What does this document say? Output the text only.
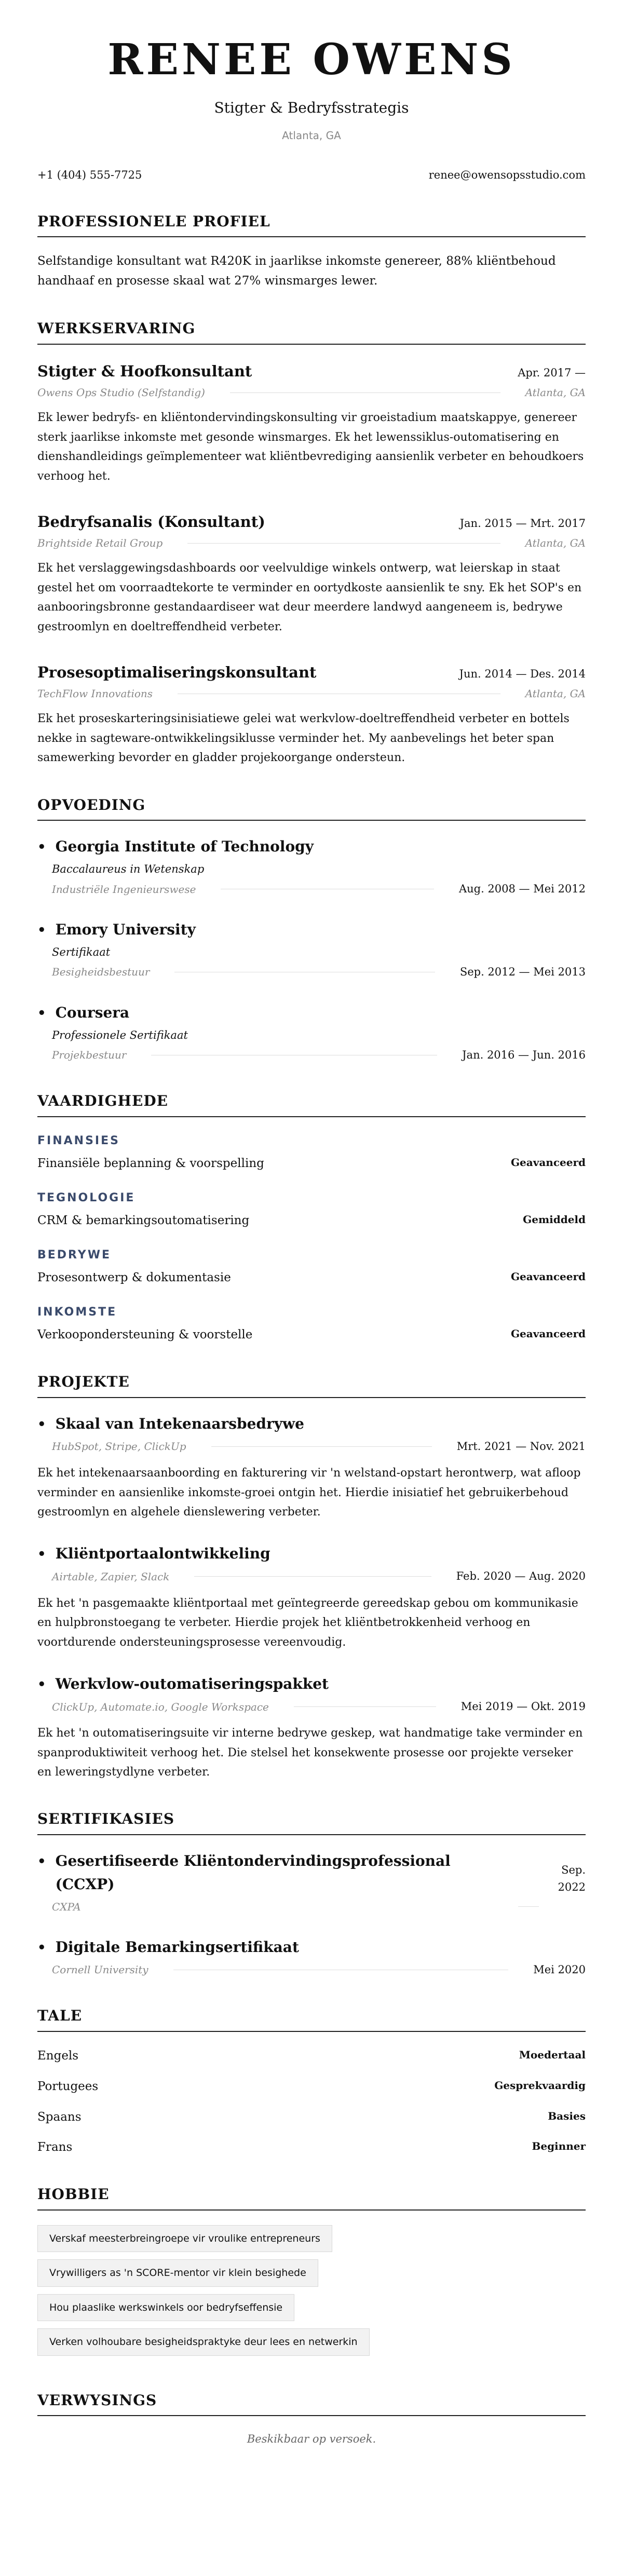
RENEE OWENS
Stigter & Bedryfsstrategis
Atlanta, GA
+1 (404) 555-7725	renee@owensopsstudio.com
PROFESSIONELE PROFIEL
Selfstandige konsultant wat R420K in jaarlikse inkomste genereer, 88% kliëntbehoud handhaaf en prosesse skaal wat 27% winsmarges lewer.
WERKSERVARING
Stigter & Hoofkonsultant	Apr. 2017 —
Owens Ops Studio (Selfstandig)	Atlanta, GA
Ek lewer bedryfs- en kliëntondervindingskonsulting vir groeistadium maatskappye, genereer sterk jaarlikse inkomste met gesonde winsmarges. Ek het lewenssiklus-outomatisering en dienshandleidings geïmplementeer wat kliëntbevrediging aansienlik verbeter en behoudkoers verhoog het.
Bedryfsanalis (Konsultant)	Jan. 2015 — Mrt. 2017
Brightside Retail Group	Atlanta, GA
Ek het verslaggewingsdashboards oor veelvuldige winkels ontwerp, wat leierskap in staat gestel het om voorraadtekorte te verminder en oortydkoste aansienlik te sny. Ek het SOP's en aanbooringsbronne gestandaardiseer wat deur meerdere landwyd aangeneem is, bedrywe gestroomlyn en doeltreffendheid verbeter.
Prosesoptimaliseringskonsultant	Jun. 2014 — Des. 2014
TechFlow Innovations	Atlanta, GA
Ek het proseskarteringsinisiatiewe gelei wat werkvlow-doeltreffendheid verbeter en bottels nekke in sagteware-ontwikkelingsiklusse verminder het. My aanbevelings het beter span samewerking bevorder en gladder projekoorgange ondersteun.
OPVOEDING
• Georgia Institute of Technology
Baccalaureus in Wetenskap
Industriële Ingenieurswese	Aug. 2008 — Mei 2012
• Emory University
Sertifikaat
Besigheidsbestuur	Sep. 2012 — Mei 2013
• Coursera
Professionele Sertifikaat
Projekbestuur	Jan. 2016 — Jun. 2016
VAARDIGHEDE
FINANSIES
Finansiële beplanning & voorspelling	Geavanceerd
TEGNOLOGIE
CRM & bemarkingsoutomatisering	Gemiddeld
BEDRYWE
Prosesontwerp & dokumentasie	Geavanceerd
INKOMSTE
Verkoopondersteuning & voorstelle	Geavanceerd
PROJEKTE
• Skaal van Intekenaarsbedrywe
HubSpot, Stripe, ClickUp	Mrt. 2021 — Nov. 2021
Ek het intekenaarsaanboording en fakturering vir 'n welstand-opstart herontwerp, wat afloop verminder en aansienlike inkomste-groei ontgin het. Hierdie inisiatief het gebruikerbehoud gestroomlyn en algehele dienslewering verbeter.
• Kliëntportaalontwikkeling
Airtable, Zapier, Slack	Feb. 2020 — Aug. 2020
Ek het 'n pasgemaakte kliëntportaal met geïntegreerde gereedskap gebou om kommunikasie en hulpbronstoegang te verbeter. Hierdie projek het kliëntbetrokkenheid verhoog en voortdurende ondersteuningsprosesse vereenvoudig.
• Werkvlow-outomatiseringspakket
ClickUp, Automate.io, Google Workspace	Mei 2019 — Okt. 2019
Ek het 'n outomatiseringsuite vir interne bedrywe geskep, wat handmatige take verminder en spanproduktiwiteit verhoog het. Die stelsel het konsekwente prosesse oor projekte verseker en leweringstydlyne verbeter.
SERTIFIKASIES
• Gesertifiseerde Kliëntondervindingsprofessional (CCXP)
Sep.
2022
CXPA
• Digitale Bemarkingsertifikaat
Cornell University	Mei 2020
TALE
Engels	Moedertaal
Portugees	Gesprekvaardig
Spaans	Basies
Frans	Beginner
HOBBIE
Verskaf meesterbreingroepe vir vroulike entrepreneurs
Vrywilligers as 'n SCORE-mentor vir klein besighede
Hou plaaslike werkswinkels oor bedryfseffensie
Verken volhoubare besigheidspraktyke deur lees en netwerkin
VERWYSINGS
Beskikbaar op versoek.
